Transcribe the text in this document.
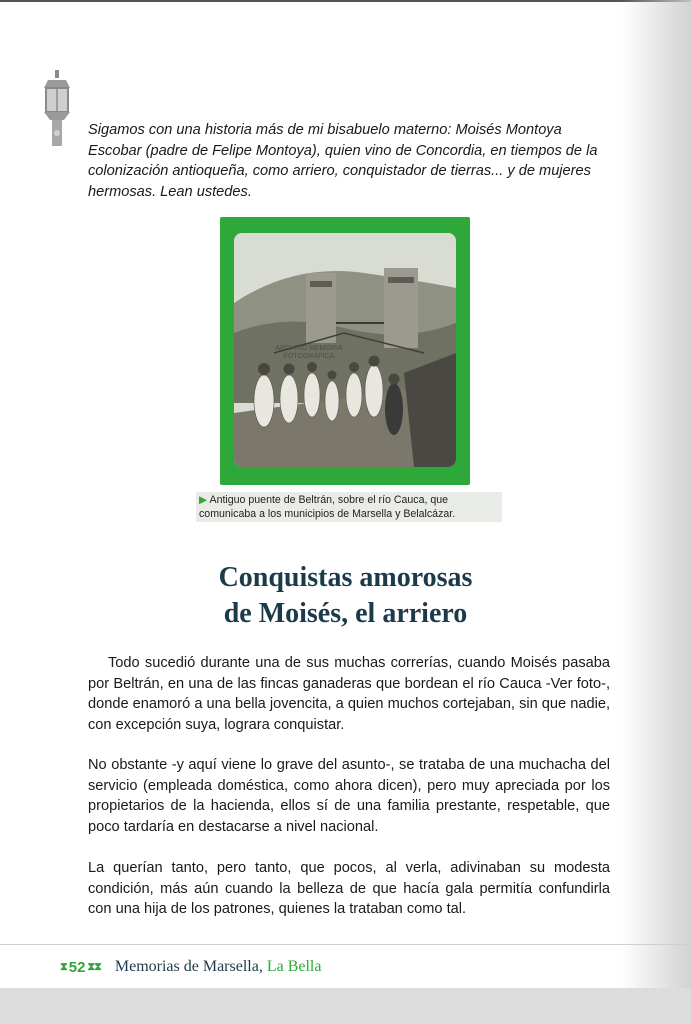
Sigamos con una historia más de mi bisabuelo materno: Moisés Montoya Escobar (padre de Felipe Montoya), quien vino de Concordia, en tiempos de la colonización antioqueña, como arriero, conquistador de tierras... y de mujeres hermosas. Lean ustedes.

ARCHIVO MEMORIA FOTOGRÁFICA
▶ Antiguo puente de Beltrán, sobre el río Cauca, que
comunicaba a los municipios de Marsella y Belalcázar.
Conquistas amorosas
de Moisés, el arriero

Todo sucedió durante una de sus muchas correrías, cuando Moisés pasaba por Beltrán, en una de las fincas ganaderas que bordean el río Cauca -Ver foto-, donde enamoró a una bella jovencita, a quien muchos cortejaban, sin que nadie, con excepción suya, lograra conquistar.

No obstante -y aquí viene lo grave del asunto-, se trataba de una muchacha del servicio (empleada doméstica, como ahora dicen), pero muy apreciada por los propietarios de la hacienda, ellos sí de una familia prestante, respetable, que poco tardaría en destacarse a nivel nacional.

La querían tanto, pero tanto, que pocos, al verla, adivinaban su modesta condición, más aún cuando la belleza de que hacía gala permitía confundirla con una hija de los patrones, quienes la trataban como tal.

⧗ 52 ⧗⧗ Memorias de Marsella, La Bella
